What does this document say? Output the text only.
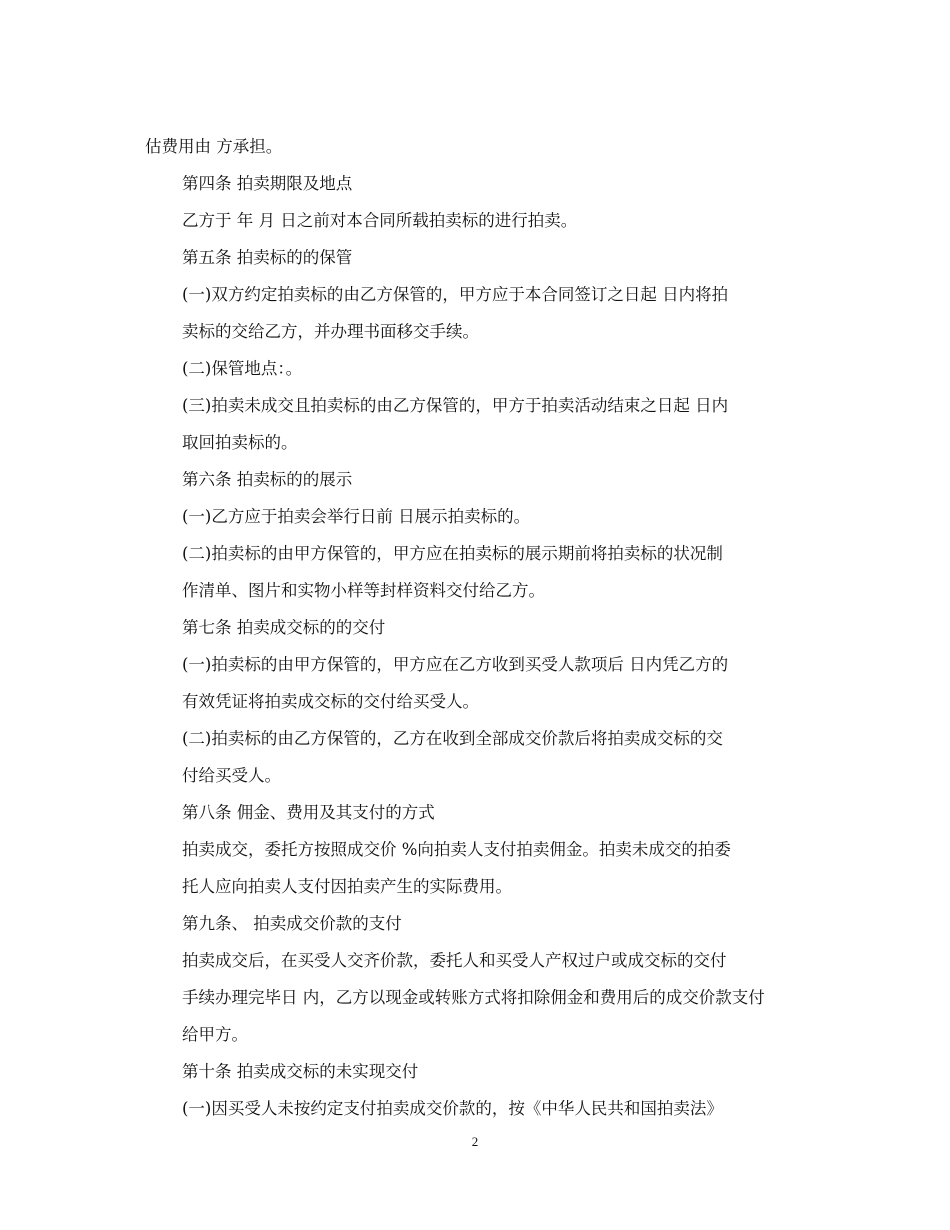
估费用由 方承担。

第四条 拍卖期限及地点

乙方于 年 月 日之前对本合同所载拍卖标的进行拍卖。

第五条 拍卖标的的保管

(一)双方约定拍卖标的由乙方保管的，甲方应于本合同签订之日起 日内将拍
卖标的交给乙方，并办理书面移交手续。

(二)保管地点：。

(三)拍卖未成交且拍卖标的由乙方保管的，甲方于拍卖活动结束之日起 日内
取回拍卖标的。

第六条 拍卖标的的展示

(一)乙方应于拍卖会举行日前 日展示拍卖标的。

(二)拍卖标的由甲方保管的，甲方应在拍卖标的展示期前将拍卖标的状况制
作清单、图片和实物小样等封样资料交付给乙方。

第七条 拍卖成交标的的交付

(一)拍卖标的由甲方保管的，甲方应在乙方收到买受人款项后 日内凭乙方的
有效凭证将拍卖成交标的交付给买受人。

(二)拍卖标的由乙方保管的，乙方在收到全部成交价款后将拍卖成交标的交
付给买受人。

第八条 佣金、费用及其支付的方式

拍卖成交，委托方按照成交价 %向拍卖人支付拍卖佣金。拍卖未成交的拍委
托人应向拍卖人支付因拍卖产生的实际费用。

第九条、 拍卖成交价款的支付

拍卖成交后，在买受人交齐价款，委托人和买受人产权过户或成交标的交付
手续办理完毕日 内，乙方以现金或转账方式将扣除佣金和费用后的成交价款支付
给甲方。

第十条 拍卖成交标的未实现交付

(一)因买受人未按约定支付拍卖成交价款的，按《中华人民共和国拍卖法》

2
